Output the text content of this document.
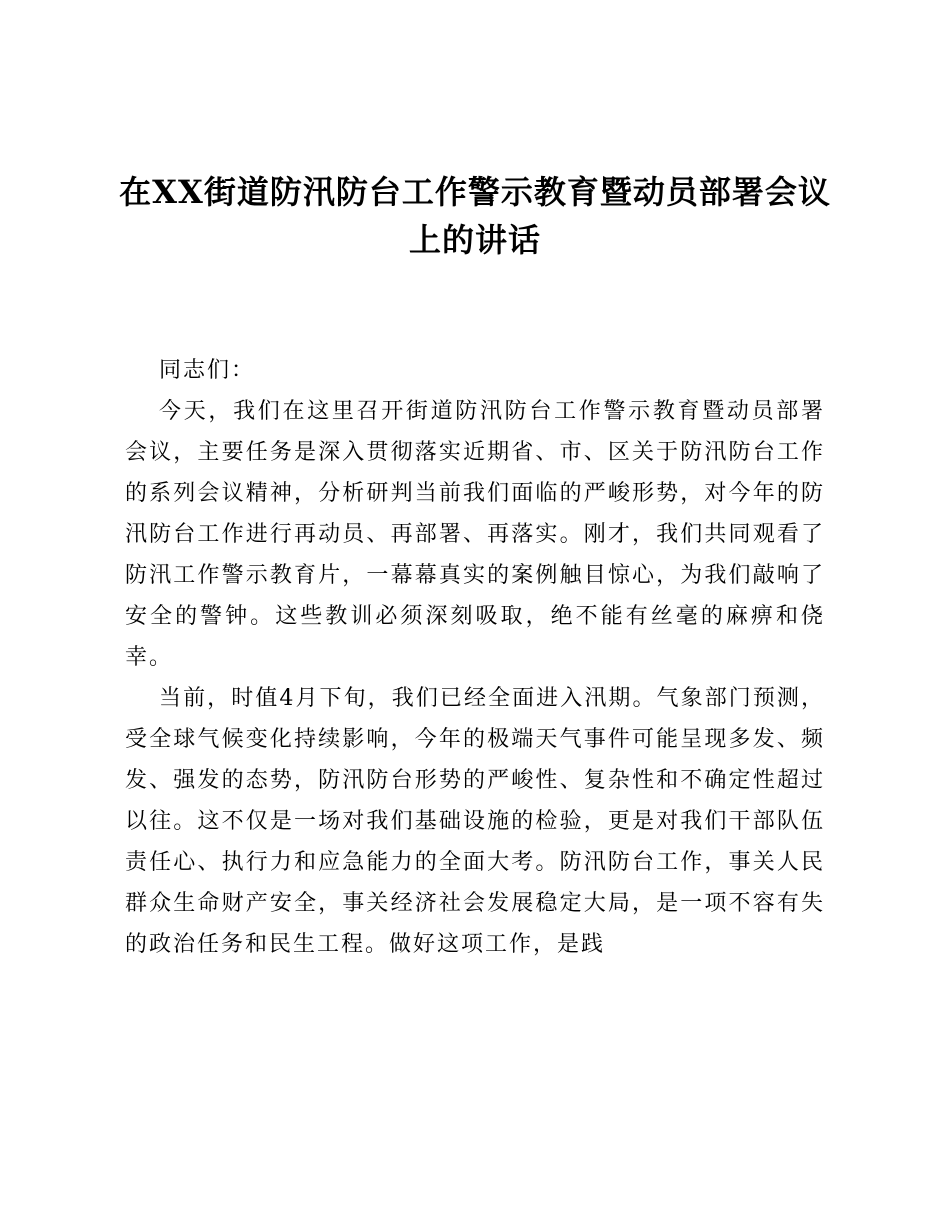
在XX街道防汛防台工作警示教育暨动员部署会议上的讲话

同志们：

今天，我们在这里召开街道防汛防台工作警示教育暨动员部署会议，主要任务是深入贯彻落实近期省、市、区关于防汛防台工作的系列会议精神，分析研判当前我们面临的严峻形势，对今年的防汛防台工作进行再动员、再部署、再落实。刚才，我们共同观看了防汛工作警示教育片，一幕幕真实的案例触目惊心，为我们敲响了安全的警钟。这些教训必须深刻吸取，绝不能有丝毫的麻痹和侥幸。

当前，时值4月下旬，我们已经全面进入汛期。气象部门预测，受全球气候变化持续影响，今年的极端天气事件可能呈现多发、频发、强发的态势，防汛防台形势的严峻性、复杂性和不确定性超过以往。这不仅是一场对我们基础设施的检验，更是对我们干部队伍责任心、执行力和应急能力的全面大考。防汛防台工作，事关人民群众生命财产安全，事关经济社会发展稳定大局，是一项不容有失的政治任务和民生工程。做好这项工作，是践
